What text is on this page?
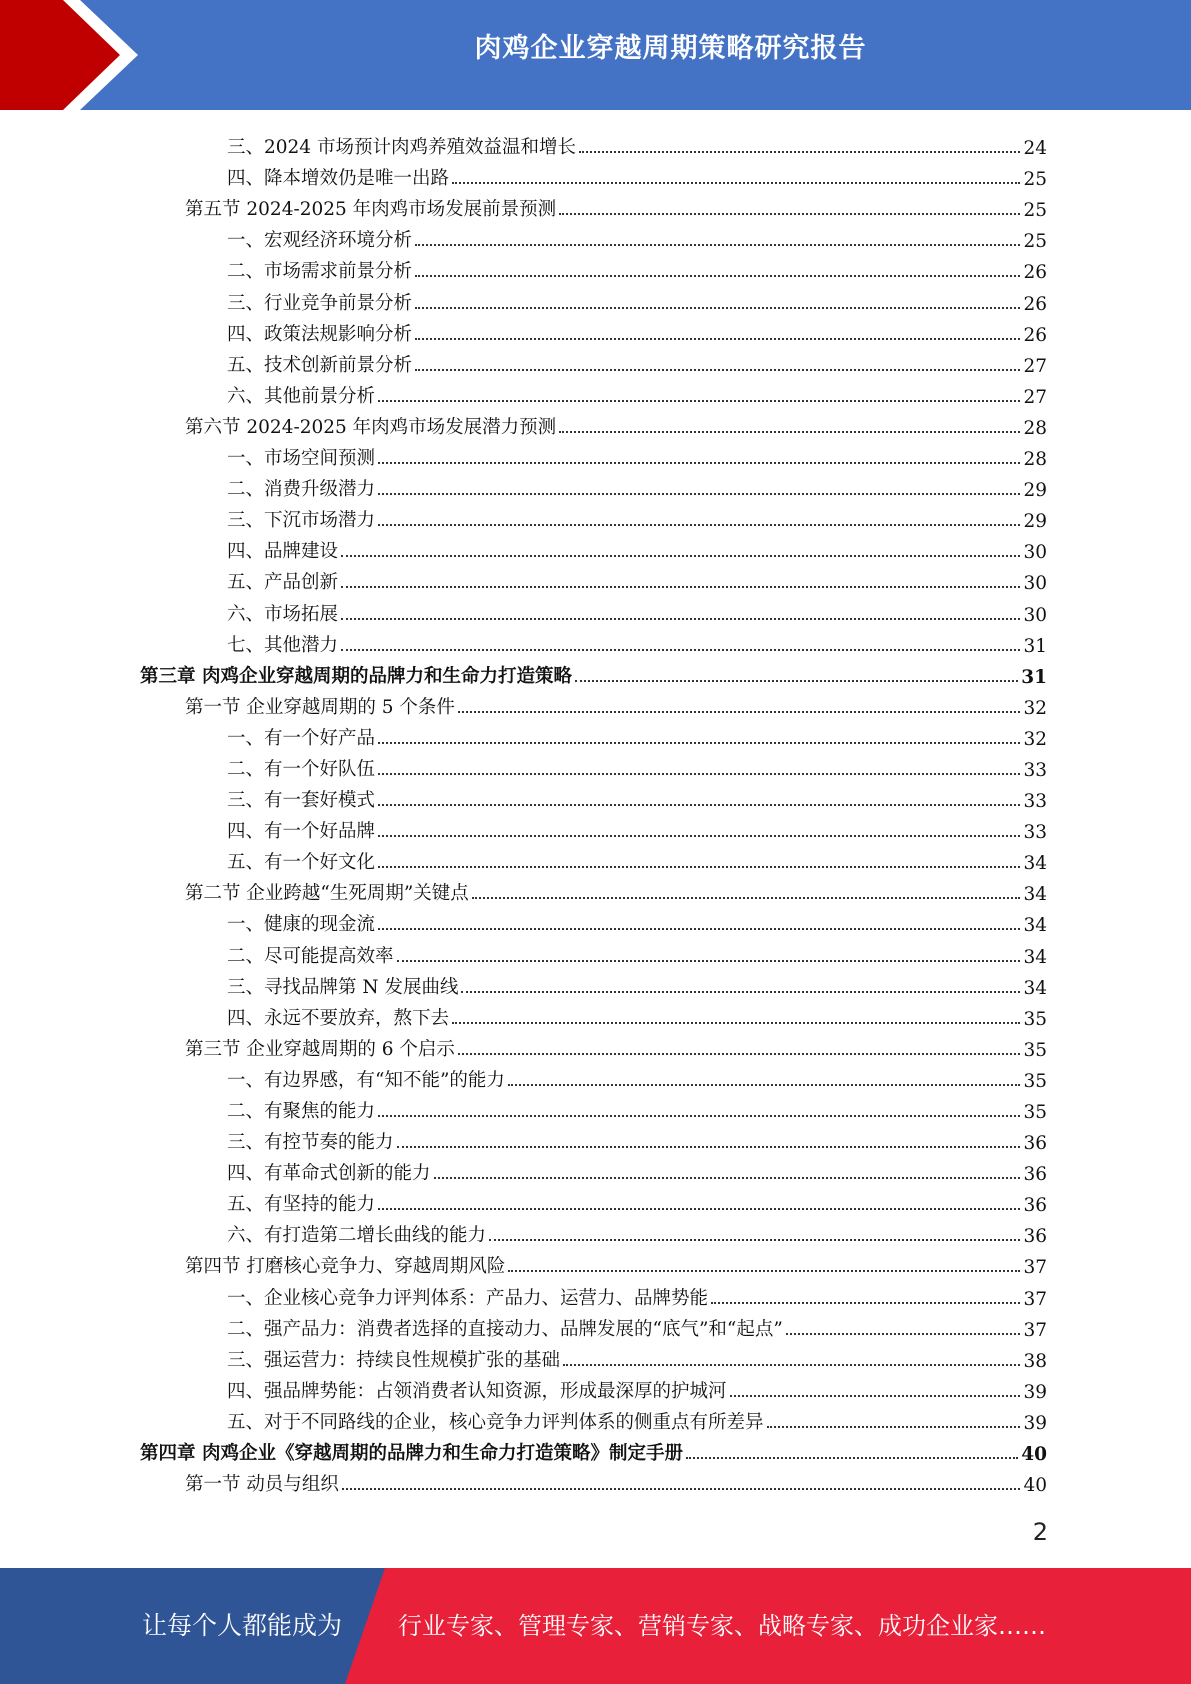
肉鸡企业穿越周期策略研究报告
三、2024 市场预计肉鸡养殖效益温和增长	24
四、降本增效仍是唯一出路	25
第五节 2024-2025 年肉鸡市场发展前景预测	25
一、宏观经济环境分析	25
二、市场需求前景分析	26
三、行业竞争前景分析	26
四、政策法规影响分析	26
五、技术创新前景分析	27
六、其他前景分析	27
第六节 2024-2025 年肉鸡市场发展潜力预测	28
一、市场空间预测	28
二、消费升级潜力	29
三、下沉市场潜力	29
四、品牌建设	30
五、产品创新	30
六、市场拓展	30
七、其他潜力	31
第三章 肉鸡企业穿越周期的品牌力和生命力打造策略	31
第一节 企业穿越周期的 5 个条件	32
一、有一个好产品	32
二、有一个好队伍	33
三、有一套好模式	33
四、有一个好品牌	33
五、有一个好文化	34
第二节 企业跨越“生死周期”关键点	34
一、健康的现金流	34
二、尽可能提高效率	34
三、寻找品牌第 N 发展曲线	34
四、永远不要放弃，熬下去	35
第三节 企业穿越周期的 6 个启示	35
一、有边界感，有“知不能”的能力	35
二、有聚焦的能力	35
三、有控节奏的能力	36
四、有革命式创新的能力	36
五、有坚持的能力	36
六、有打造第二增长曲线的能力	36
第四节 打磨核心竞争力、穿越周期风险	37
一、企业核心竞争力评判体系：产品力、运营力、品牌势能	37
二、强产品力：消费者选择的直接动力、品牌发展的“底气”和“起点”	37
三、强运营力：持续良性规模扩张的基础	38
四、强品牌势能：占领消费者认知资源，形成最深厚的护城河	39
五、对于不同路线的企业，核心竞争力评判体系的侧重点有所差异	39
第四章 肉鸡企业《穿越周期的品牌力和生命力打造策略》制定手册	40
第一节 动员与组织	40
2
让每个人都能成为 行业专家、管理专家、营销专家、战略专家、成功企业家……
